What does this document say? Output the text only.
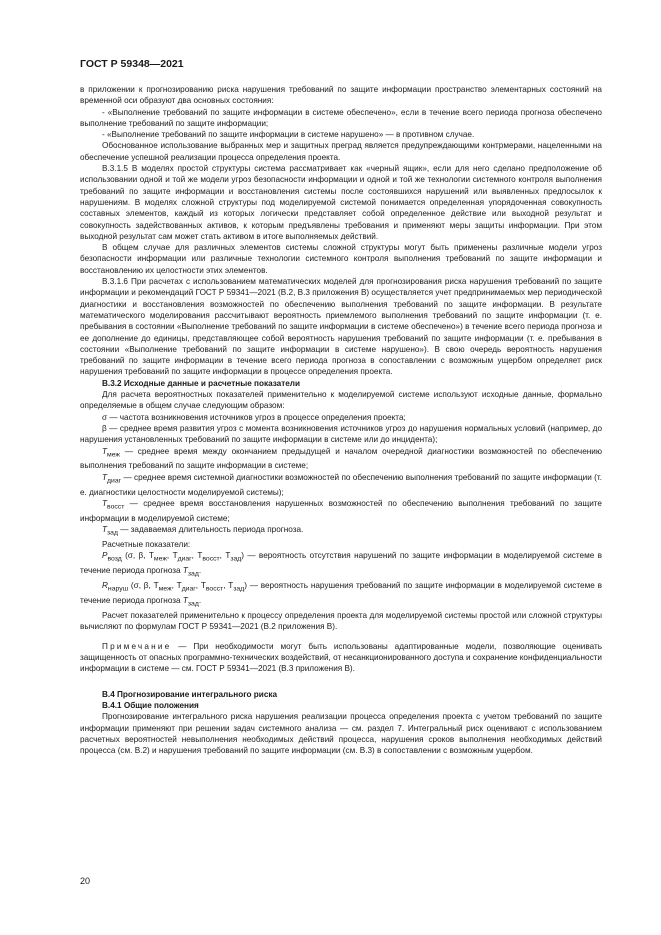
ГОСТ Р 59348—2021

в приложении к прогнозированию риска нарушения требований по защите информации пространство элементарных состояний на временной оси образуют два основных состояния:

- «Выполнение требований по защите информации в системе обеспечено», если в течение всего периода прогноза обеспечено выполнение требований по защите информации;

- «Выполнение требований по защите информации в системе нарушено» — в противном случае.

Обоснованное использование выбранных мер и защитных преград является предупреждающими контрмерами, нацеленными на обеспечение успешной реализации процесса определения проекта.

В.3.1.5 В моделях простой структуры система рассматривает как «черный ящик», если для него сделано предположение об использовании одной и той же модели угроз безопасности информации и одной и той же технологии системного контроля выполнения требований по защите информации и восстановления системы после состоявшихся нарушений или выявленных предпосылок к нарушениям. В моделях сложной структуры под моделируемой системой понимается определенная упорядоченная совокупность составных элементов, каждый из которых логически представляет собой определенное действие или выходной результат и совокупность задействованных активов, к которым предъявлены требования и применяют меры защиты информации. При этом выходной результат сам может стать активом в итоге выполняемых действий.

В общем случае для различных элементов системы сложной структуры могут быть применены различные модели угроз безопасности информации или различные технологии системного контроля выполнения требований по защите информации и восстановлению их целостности этих элементов.

В.3.1.6 При расчетах с использованием математических моделей для прогнозирования риска нарушения требований по защите информации и рекомендаций ГОСТ Р 59341—2021 (В.2, В.3 приложения В) осуществляется учет предпринимаемых мер периодической диагностики и восстановления возможностей по обеспечению выполнения требований по защите информации. В результате математического моделирования рассчитывают вероятность приемлемого выполнения требований по защите информации (т. е. пребывания в состоянии «Выполнение требований по защите информации в системе обеспечено») в течение всего периода прогноза и ее дополнение до единицы, представляющее собой вероятность нарушения требований по защите информации (т. е. пребывания в состоянии «Выполнение требований по защите информации в системе нарушено»). В свою очередь вероятность нарушения требований по защите информации в течение всего периода прогноза в сопоставлении с возможным ущербом определяет риск нарушения требований по защите информации в процессе определения проекта.

В.3.2 Исходные данные и расчетные показатели

Для расчета вероятностных показателей применительно к моделируемой системе используют исходные данные, формально определяемые в общем случае следующим образом:

σ — частота возникновения источников угроз в процессе определения проекта;

β — среднее время развития угроз с момента возникновения источников угроз до нарушения нормальных условий (например, до нарушения установленных требований по защите информации в системе или до инцидента);

$T_{меж}$ — среднее время между окончанием предыдущей и началом очередной диагностики возможностей по обеспечению выполнения требований по защите информации в системе;

$T_{диаг}$ — среднее время системной диагностики возможностей по обеспечению выполнения требований по защите информации (т. е. диагностики целостности моделируемой системы);

$T_{восст}$ — среднее время восстановления нарушенных возможностей по обеспечению выполнения требований по защите информации в моделируемой системе;

$T_{зад}$ — задаваемая длительность периода прогноза.

Расчетные показатели:

$P_{возд}$ (σ, β, $T_{меж}$, $T_{диаг}$, $T_{восст}$, $T_{зад}$) — вероятность отсутствия нарушений по защите информации в моделируемой системе в течение периода прогноза $T_{зад}$.

$R_{наруш}$ (σ, β, $T_{меж}$, $T_{диаг}$, $T_{восст}$, $T_{зад}$) — вероятность нарушения требований по защите информации в моделируемой системе в течение периода прогноза $T_{зад}$.

Расчет показателей применительно к процессу определения проекта для моделируемой системы простой или сложной структуры вычисляют по формулам ГОСТ Р 59341—2021 (В.2 приложения В).

Примечание — При необходимости могут быть использованы адаптированные модели, позволяющие оценивать защищенность от опасных программно-технических воздействий, от несанкционированного доступа и сохранение конфиденциальности информации в системе — см. ГОСТ Р 59341—2021 (В.3 приложения В).

В.4 Прогнозирование интегрального риска

В.4.1 Общие положения

Прогнозирование интегрального риска нарушения реализации процесса определения проекта с учетом требований по защите информации применяют при решении задач системного анализа — см. раздел 7. Интегральный риск оценивают с использованием расчетных вероятностей невыполнения необходимых действий процесса, нарушения сроков выполнения необходимых действий процесса (см. В.2) и нарушения требований по защите информации (см. В.3) в сопоставлении с возможным ущербом.

20
